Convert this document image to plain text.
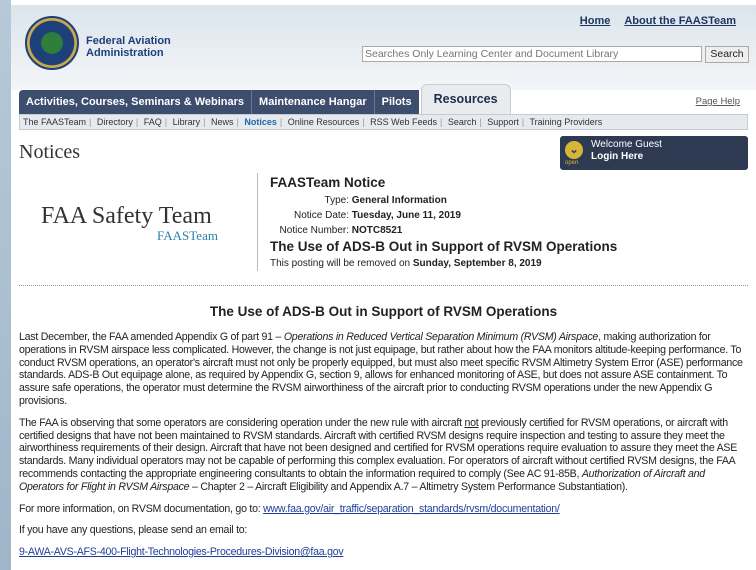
Federal Aviation
Administration
Home About the FAASTeam
Searches Only Learning Center and Document Library
Search
Activities, Courses, Seminars & Webinars	Maintenance Hangar	Pilots	Resources	Page Help
The FAASTeam | Directory | FAQ | Library | News | Notices | Online Resources | RSS Web Feeds | Search | Support | Training Providers
Notices	⌄
open
Welcome Guest
Login Here
FAA Safety Team
FAASTeam
FAASTeam Notice
Type: General Information
Notice Date: Tuesday, June 11, 2019
Notice Number: NOTC8521
The Use of ADS-B Out in Support of RVSM Operations
This posting will be removed on Sunday, September 8, 2019
The Use of ADS-B Out in Support of RVSM Operations

Last December, the FAA amended Appendix G of part 91 – Operations in Reduced Vertical Separation Minimum (RVSM) Airspace, making authorization for operations in RVSM airspace less complicated. However, the change is not just equipage, but rather about how the FAA monitors altitude-keeping performance. To conduct RVSM operations, an operator's aircraft must not only be properly equipped, but must also meet specific RVSM Altimetry System Error (ASE) performance standards. ADS-B Out equipage alone, as required by Appendix G, section 9, allows for enhanced monitoring of ASE, but does not assure ASE containment. To assure safe operations, the operator must determine the RVSM airworthiness of the aircraft prior to conducting RVSM operations under the new Appendix G provisions.

The FAA is observing that some operators are considering operation under the new rule with aircraft not previously certified for RVSM operations, or aircraft with certified designs that have not been maintained to RVSM standards. Aircraft with certified RVSM designs require inspection and testing to assure they meet the airworthiness requirements of their design. Aircraft that have not been designed and certified for RVSM operations require evaluation to assure they meet the ASE standards. Many individual operators may not be capable of performing this complex evaluation. For operators of aircraft without certified RVSM designs, the FAA recommends contacting the appropriate engineering consultants to obtain the information required to comply (See AC 91-85B, Authorization of Aircraft and Operators for Flight in RVSM Airspace – Chapter 2 – Aircraft Eligibility and Appendix A.7 – Altimetry System Performance Substantiation).

For more information, on RVSM documentation, go to: www.faa.gov/air_traffic/separation_standards/rvsm/documentation/

If you have any questions, please send an email to:

9-AWA-AVS-AFS-400-Flight-Technologies-Procedures-Division@faa.gov
